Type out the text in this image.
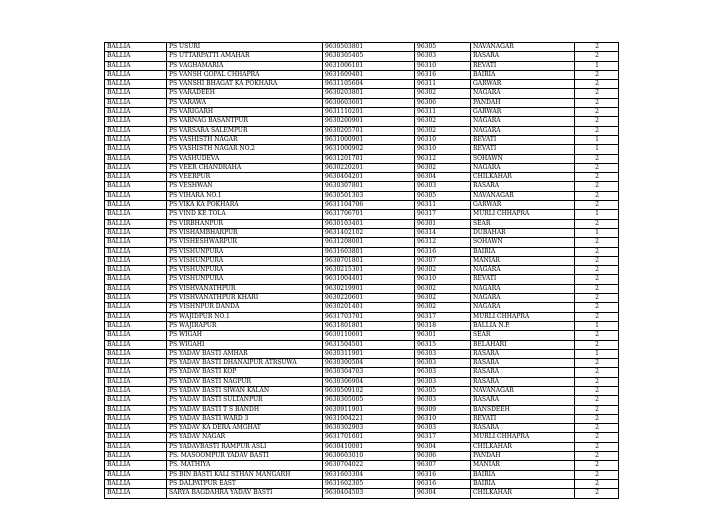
BALLIA	PS USURI	9630503801	96305	NAVANAGAR	2
BALLIA	PS UTTARPATTI AMAHAR	9630305405	96303	RASARA	2
BALLIA	PS VAGHAMARIA	9631006101	96310	REVATI	1
BALLIA	PS VANSH GOPAL CHHAPRA	9631609401	96316	BAIRIA	2
BALLIA	PS VANSHI BHAGAT KA POKHARA	9631105604	96311	GARWAR	2
BALLIA	PS VARADEEH	9630203801	96302	NAGARA	2
BALLIA	PS VARAWA	9630603601	96306	PANDAH	2
BALLIA	PS VARIGARH	9631110201	96311	GARWAR	2
BALLIA	PS VARNAG BASANTPUR	9630200901	96302	NAGARA	2
BALLIA	PS VARSARA SALEMPUR	9630205701	96302	NAGARA	2
BALLIA	PS VASHISTH NAGAR	9631000901	96310	REVATI	1
BALLIA	PS VASHISTH NAGAR NO.2	9631000902	96310	REVATI	1
BALLIA	PS VASHUDEVA	9631201701	96312	SOHAWN	2
BALLIA	PS VEER CHANDRAHA	9630220201	96302	NAGARA	2
BALLIA	PS VEERPUR	9630404201	96304	CHILKAHAR	2
BALLIA	PS VESHWAN	9630307801	96303	RASARA	2
BALLIA	PS VIHARA NO.1	9630501303	96305	NAVANAGAR	2
BALLIA	PS VIKA KA POKHARA	9631104706	96311	GARWAR	2
BALLIA	PS VIND KE TOLA	9631706701	96317	MURLI CHHAPRA	1
BALLIA	PS VIRBHANPUR	9630103401	96301	SEAR	2
BALLIA	PS VISHAMBHARPUR	9631402102	96314	DUBAHAR	1
BALLIA	PS VISHESHWARPUR	9631208001	96312	SOHAWN	2
BALLIA	PS VISHUNPURA	9631603801	96316	BAIRIA	2
BALLIA	PS VISHUNPURA	9630701801	96307	MANIAR	2
BALLIA	PS VISHUNPURA	9630215301	96302	NAGARA	2
BALLIA	PS VISHUNPURA	9631004401	96310	REVATI	2
BALLIA	PS VISHVANATHPUR	9630219901	96302	NAGARA	2
BALLIA	PS VISHVANATHPUR KHARI	9630220601	96302	NAGARA	2
BALLIA	PS VISHNPUR DANDA	9630201401	96302	NAGARA	2
BALLIA	PS WAJIDPUR NO.1	9631703701	96317	MURLI CHHAPRA	2
BALLIA	PS WAJIRAPUR	9631801801	96318	BALLIA N.P.	1
BALLIA	PS WIGAH	9630110601	96301	SEAR	2
BALLIA	PS WIGAHI	9631504501	96315	BELAHARI	2
BALLIA	PS YADAV BASTI AMHAR	9630311901	96303	RASARA	1
BALLIA	PS YADAV BASTI DHANAIPUR ATRSUWA	9630300504	96303	RASARA	2
BALLIA	PS YADAV BASTI KOP	9630304703	96303	RASARA	2
BALLIA	PS YADAV BASTI NAGPUR	9630306904	96303	RASARA	2
BALLIA	PS YADAV BASTI SIWAN KALAN	9630509102	96305	NAVANAGAR	2
BALLIA	PS YADAV BASTI SULTANPUR	9630305005	96303	RASARA	2
BALLIA	PS YADAV BASTI T S BANDH	9630911901	96309	BANSDEEH	2
BALLIA	PS YADAV BASTI WARD 3	9631004221	96310	REVATI	2
BALLIA	PS YADAV KA DERA AMGHAT	9630302903	96303	RASARA	2
BALLIA	PS YADAV NAGAR	9631701601	96317	MURLI CHHAPRA	2
BALLIA	PS YADAVBASTI RAMPUR ASLI	9630410001	96304	CHILKAHAR	2
BALLIA	PS. MASOOMPUR YADAV BASTI	9630603010	96306	PANDAH	2
BALLIA	PS. MATHIYA	9630704022	96307	MANIAR	2
BALLIA	PS BIN BASTI KALI STHAN MANGARH	9631603304	96316	BAIRIA	2
BALLIA	PS DALPATPUR EAST	9631602305	96316	BAIRIA	2
BALLIA	SARYA BAGDAHRA YADAV BASTI	9630404503	96304	CHILKAHAR	2
